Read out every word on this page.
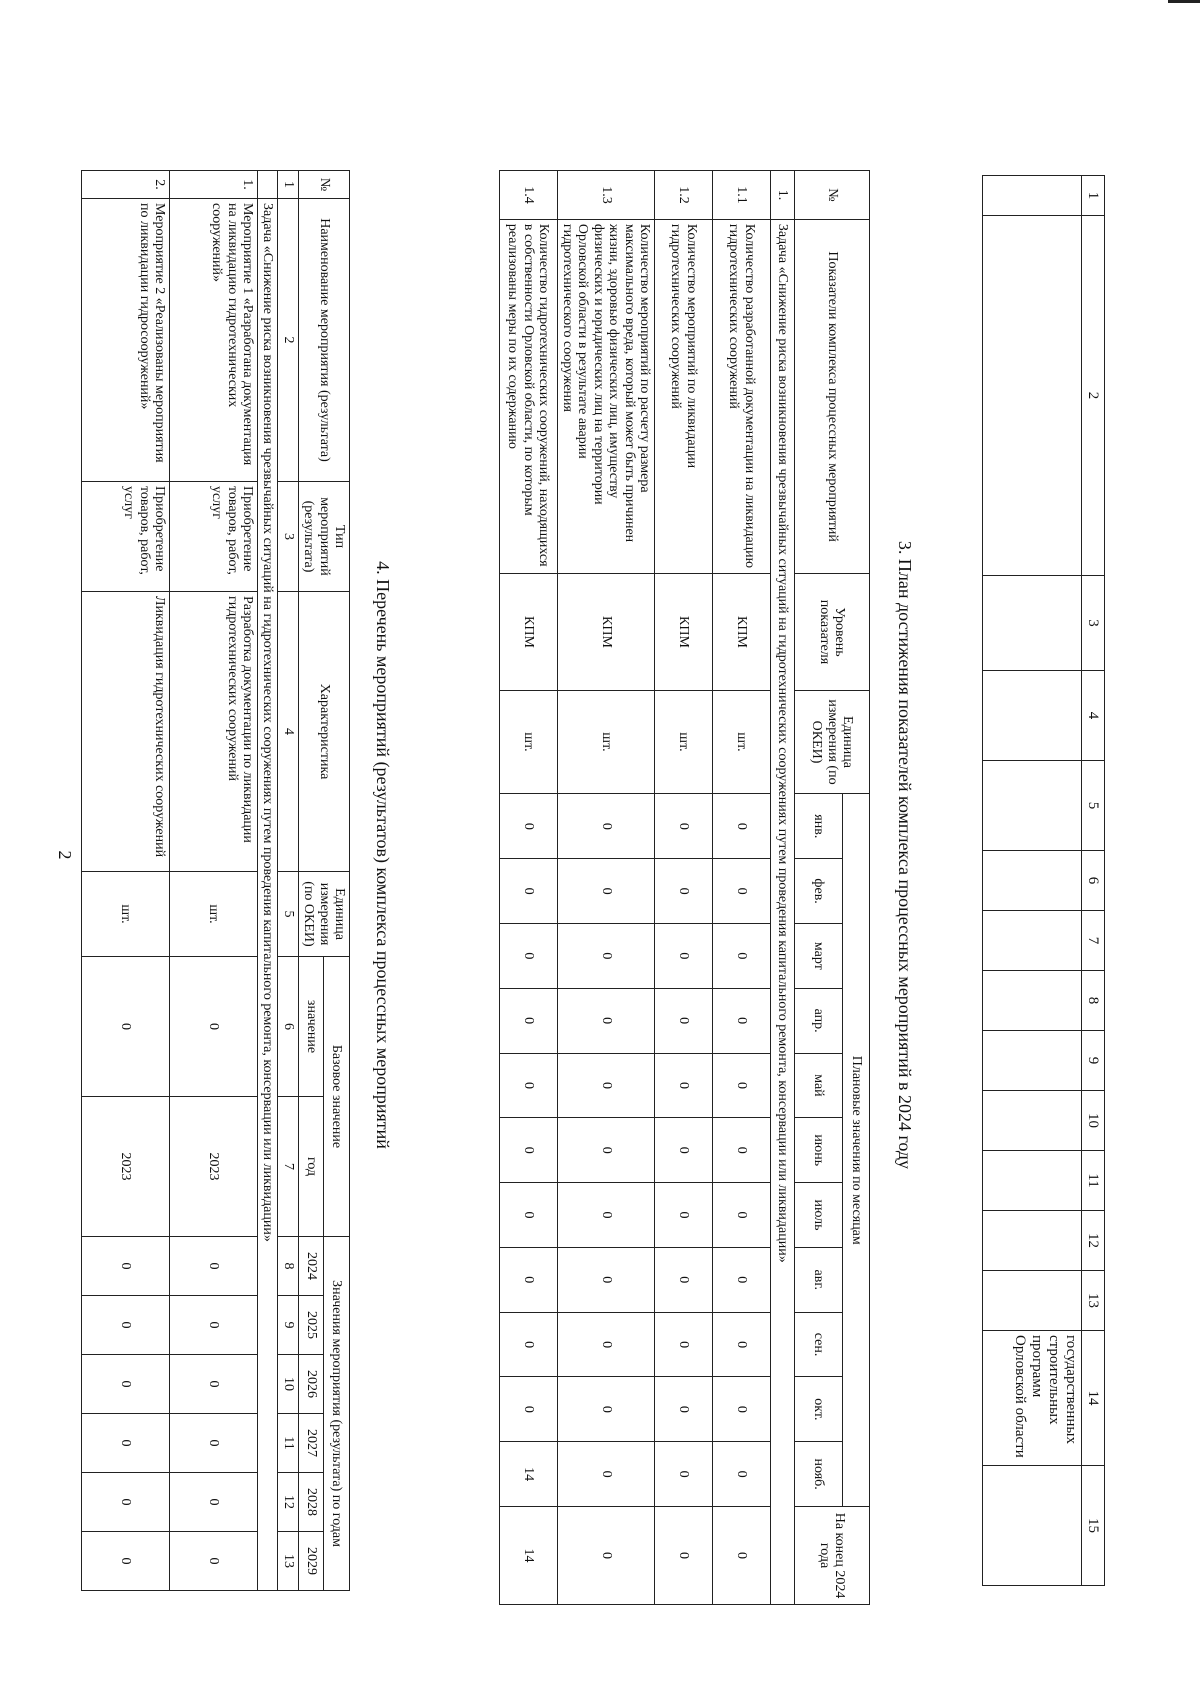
1	2	3	4	5	6	7	8	9	10	11	12	13	14	15
													государственных строительных программ Орловской области	
3. План достижения показателей комплекса процессных мероприятий в 2024 году
№	Показатели комплекса процессных мероприятий	Уровень показателя	Единица измерения (по ОКЕИ)	Плановые значения по месяцам											На конец 2024 года
				янв.	фев.	март	апр.	май	июнь	июль	авг.	сен.	окт.	нояб.	
1.	Задача «Снижение риска возникновения чрезвычайных ситуаций на гидротехнических сооружениях путем проведения капитального ремонта, консервации или ликвидации»														
1.1	Количество разработанной документации на ликвидацию гидротехнических сооружений	КПМ	шт.	0	0	0	0	0	0	0	0	0	0	0	0
1.2	Количество мероприятий по ликвидации гидротехнических сооружений	КПМ	шт.	0	0	0	0	0	0	0	0	0	0	0	0
1.3	Количество мероприятий по расчету размера максимального вреда, который может быть причинен жизни, здоровью физических лиц, имуществу физических и юридических лиц на территории Орловской области в результате аварии гидротехнического сооружения	КПМ	шт.	0	0	0	0	0	0	0	0	0	0	0	0
1.4	Количество гидротехнических сооружений, находящихся в собственности Орловской области, по которым реализованы меры по их содержанию	КПМ	шт.	0	0	0	0	0	0	0	0	0	0	14	14
4. Перечень мероприятий (результатов) комплекса процессных мероприятий
№	Наименование мероприятия (результата)	Тип мероприятий (результата)	Характеристика	Единица измерения (по ОКЕИ)	Базовое значение		Значения мероприятия (результата) по годам					
					значение	год	2024	2025	2026	2027	2028	2029
1	2	3	4	5	6	7	8	9	10	11	12	13
	Задача «Снижение риска возникновения чрезвычайных ситуаций на гидротехнических сооружениях путем проведения капитального ремонта, консервации или ликвидации»											
1.	Мероприятие 1 «Разработана документация на ликвидацию гидротехнических сооружений»	Приобретение товаров, работ, услуг	Разработка документации по ликвидации гидротехнических сооружений	шт.	0	2023	0	0	0	0	0	0
2.	Мероприятие 2 «Реализованы мероприятия по ликвидации гидросооружений»	Приобретение товаров, работ, услуг	Ликвидация гидротехнических сооружений	шт.	0	2023	0	0	0	0	0	0
2
